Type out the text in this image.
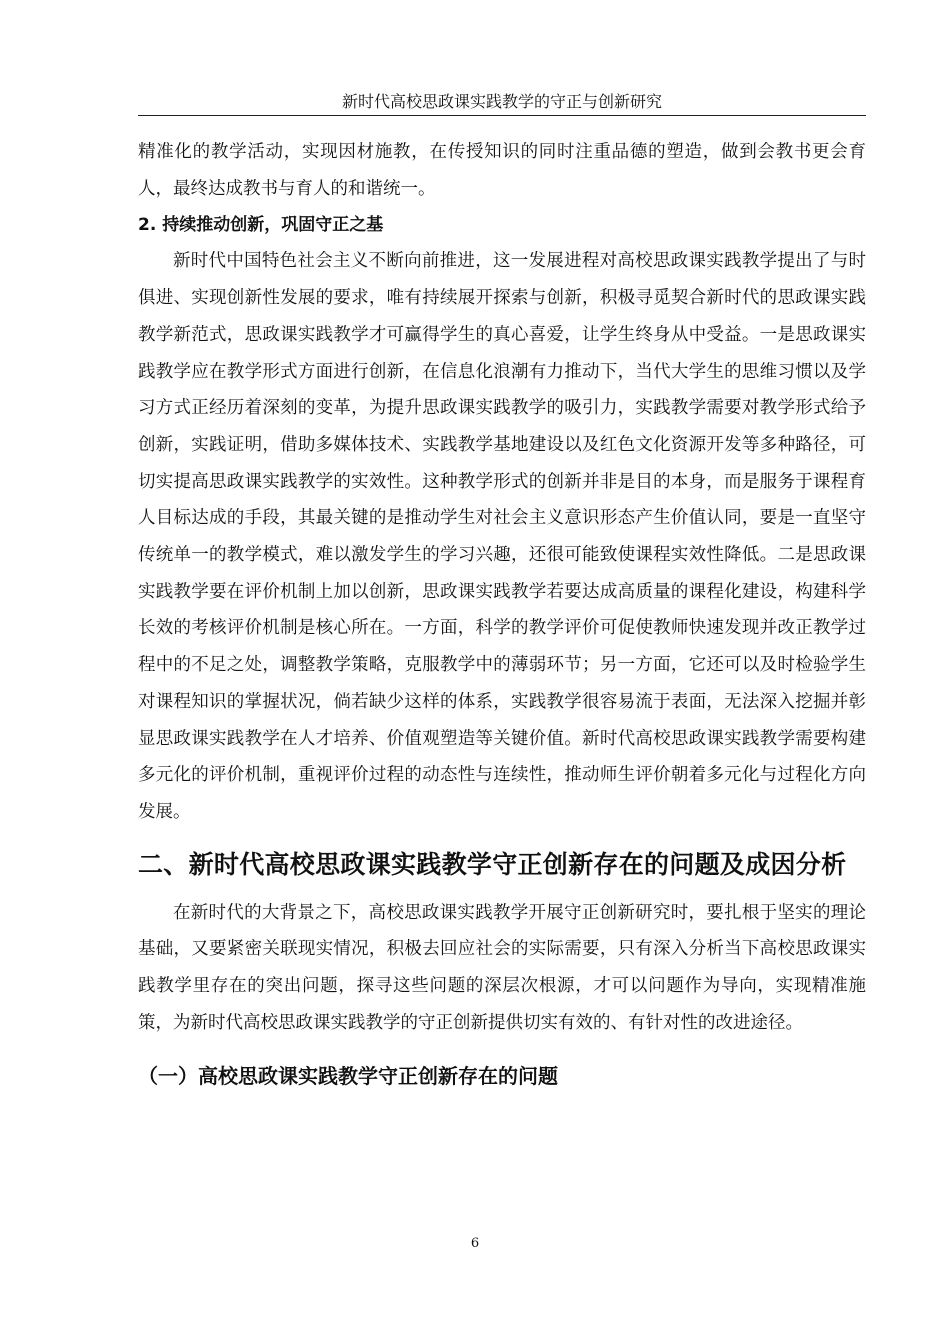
新时代高校思政课实践教学的守正与创新研究

精准化的教学活动，实现因材施教，在传授知识的同时注重品德的塑造，做到会教书更会育人，最终达成教书与育人的和谐统一。

2. 持续推动创新，巩固守正之基

新时代中国特色社会主义不断向前推进，这一发展进程对高校思政课实践教学提出了与时俱进、实现创新性发展的要求，唯有持续展开探索与创新，积极寻觅契合新时代的思政课实践教学新范式，思政课实践教学才可赢得学生的真心喜爱，让学生终身从中受益。一是思政课实践教学应在教学形式方面进行创新，在信息化浪潮有力推动下，当代大学生的思维习惯以及学习方式正经历着深刻的变革，为提升思政课实践教学的吸引力，实践教学需要对教学形式给予创新，实践证明，借助多媒体技术、实践教学基地建设以及红色文化资源开发等多种路径，可切实提高思政课实践教学的实效性。这种教学形式的创新并非是目的本身，而是服务于课程育人目标达成的手段，其最关键的是推动学生对社会主义意识形态产生价值认同，要是一直坚守传统单一的教学模式，难以激发学生的学习兴趣，还很可能致使课程实效性降低。二是思政课实践教学要在评价机制上加以创新，思政课实践教学若要达成高质量的课程化建设，构建科学长效的考核评价机制是核心所在。一方面，科学的教学评价可促使教师快速发现并改正教学过程中的不足之处，调整教学策略，克服教学中的薄弱环节；另一方面，它还可以及时检验学生对课程知识的掌握状况，倘若缺少这样的体系，实践教学很容易流于表面，无法深入挖掘并彰显思政课实践教学在人才培养、价值观塑造等关键价值。新时代高校思政课实践教学需要构建多元化的评价机制，重视评价过程的动态性与连续性，推动师生评价朝着多元化与过程化方向发展。

二、新时代高校思政课实践教学守正创新存在的问题及成因分析

在新时代的大背景之下，高校思政课实践教学开展守正创新研究时，要扎根于坚实的理论基础，又要紧密关联现实情况，积极去回应社会的实际需要，只有深入分析当下高校思政课实践教学里存在的突出问题，探寻这些问题的深层次根源，才可以问题作为导向，实现精准施策，为新时代高校思政课实践教学的守正创新提供切实有效的、有针对性的改进途径。

（一）高校思政课实践教学守正创新存在的问题
6
